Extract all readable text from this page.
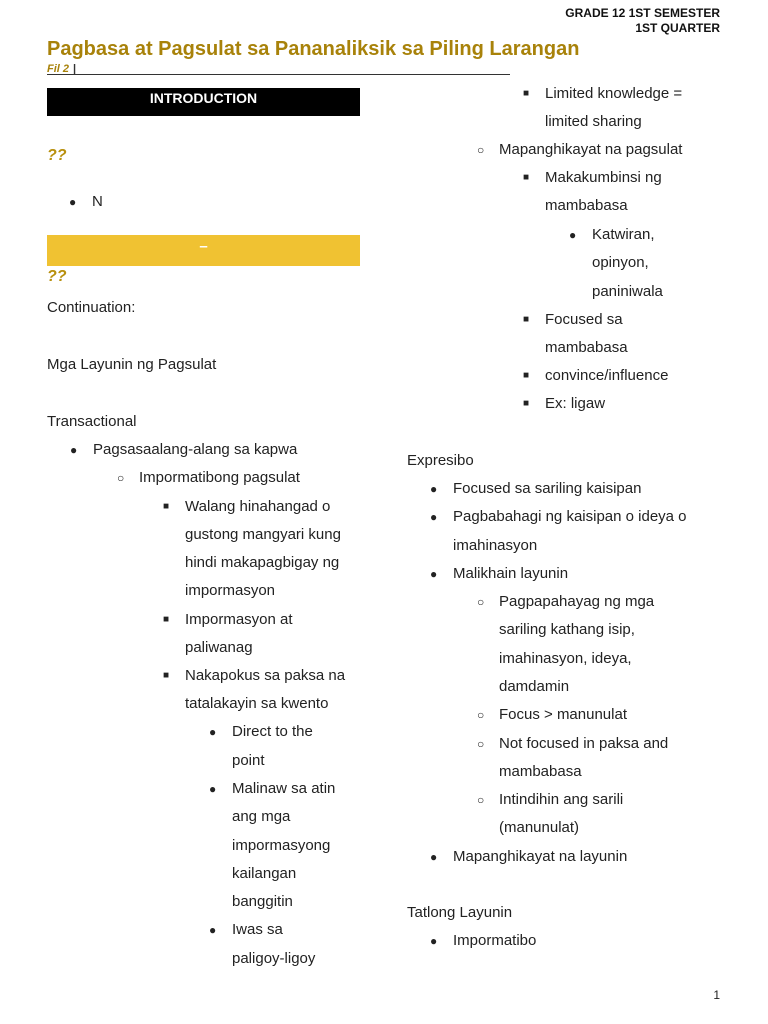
GRADE 12 1ST SEMESTER
1ST QUARTER
Pagbasa at Pagsulat sa Pananaliksik sa Piling Larangan
Fil 2 |
INTRODUCTION
??
● N
–
??
Continuation:
Mga Layunin ng Pagsulat
Transactional
● Pagsasaalang-alang sa kapwa
○ Impormatibong pagsulat
■ Walang hinahangad o
gustong mangyari kung
hindi makapagbigay ng
impormasyon
■ Impormasyon at
paliwanag
■ Nakapokus sa paksa na
tatalakayin sa kwento
● Direct to the
point
● Malinaw sa atin
ang mga
impormasyong
kailangan
banggitin
● Iwas sa
paligoy-ligoy
■ Limited knowledge =
limited sharing
○ Mapanghikayat na pagsulat
■ Makakumbinsi ng
mambabasa
● Katwiran,
opinyon,
paniniwala
■ Focused sa
mambabasa
■ convince/influence
■ Ex: ligaw
Expresibo
● Focused sa sariling kaisipan
● Pagbabahagi ng kaisipan o ideya o
imahinasyon
● Malikhain layunin
○ Pagpapahayag ng mga
sariling kathang isip,
imahinasyon, ideya,
damdamin
○ Focus > manunulat
○ Not focused in paksa and
mambabasa
○ Intindihin ang sarili
(manunulat)
● Mapanghikayat na layunin
Tatlong Layunin
● Impormatibo
1
